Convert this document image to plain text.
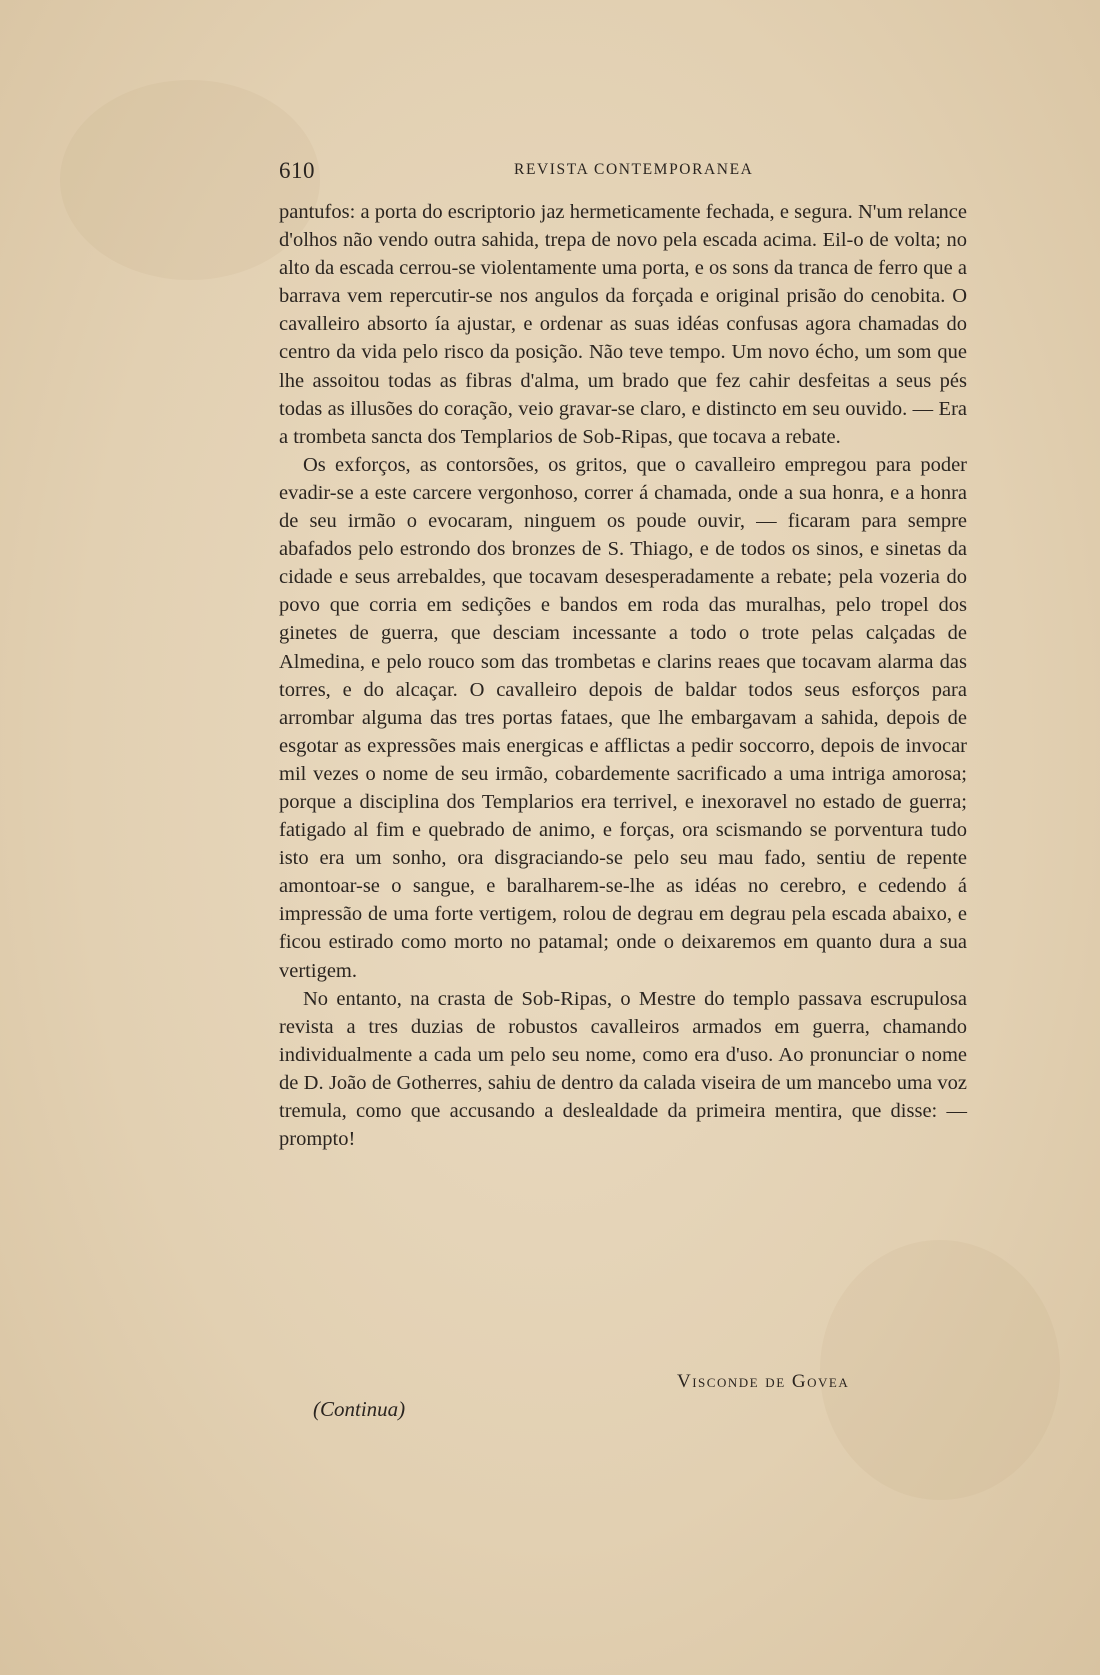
610	REVISTA CONTEMPORANEA

pantufos: a porta do escriptorio jaz hermeticamente fechada, e segura. N'um relance d'olhos não vendo outra sahida, trepa de novo pela escada acima. Eil-o de volta; no alto da escada cerrou-se violentamente uma porta, e os sons da tranca de ferro que a barrava vem repercutir-se nos angulos da forçada e original prisão do cenobita. O cavalleiro absorto ía ajustar, e ordenar as suas idéas confusas agora chamadas do centro da vida pelo risco da posição. Não teve tempo. Um novo écho, um som que lhe assoitou todas as fibras d'alma, um brado que fez cahir desfeitas a seus pés todas as illusões do coração, veio gravar-se claro, e distincto em seu ouvido. — Era a trombeta sancta dos Templarios de Sob-Ripas, que tocava a rebate.

Os exforços, as contorsões, os gritos, que o cavalleiro empregou para poder evadir-se a este carcere vergonhoso, correr á chamada, onde a sua honra, e a honra de seu irmão o evocaram, ninguem os poude ouvir, — ficaram para sempre abafados pelo estrondo dos bronzes de S. Thiago, e de todos os sinos, e sinetas da cidade e seus arrebaldes, que tocavam desesperadamente a rebate; pela vozeria do povo que corria em sedições e bandos em roda das muralhas, pelo tropel dos ginetes de guerra, que desciam incessante a todo o trote pelas calçadas de Almedina, e pelo rouco som das trombetas e clarins reaes que tocavam alarma das torres, e do alcaçar. O cavalleiro depois de baldar todos seus esforços para arrombar alguma das tres portas fataes, que lhe embargavam a sahida, depois de esgotar as expressões mais energicas e afflictas a pedir soccorro, depois de invocar mil vezes o nome de seu irmão, cobardemente sacrificado a uma intriga amorosa; porque a disciplina dos Templarios era terrivel, e inexoravel no estado de guerra; fatigado al fim e quebrado de animo, e forças, ora scismando se porventura tudo isto era um sonho, ora disgraciando-se pelo seu mau fado, sentiu de repente amontoar-se o sangue, e baralharem-se-lhe as idéas no cerebro, e cedendo á impressão de uma forte vertigem, rolou de degrau em degrau pela escada abaixo, e ficou estirado como morto no patamal; onde o deixaremos em quanto dura a sua vertigem.

No entanto, na crasta de Sob-Ripas, o Mestre do templo passava escrupulosa revista a tres duzias de robustos cavalleiros armados em guerra, chamando individualmente a cada um pelo seu nome, como era d'uso. Ao pronunciar o nome de D. João de Gotherres, sahiu de dentro da calada viseira de um mancebo uma voz tremula, como que accusando a deslealdade da primeira mentira, que disse: — prompto!

Visconde de Govea
(Continua)
